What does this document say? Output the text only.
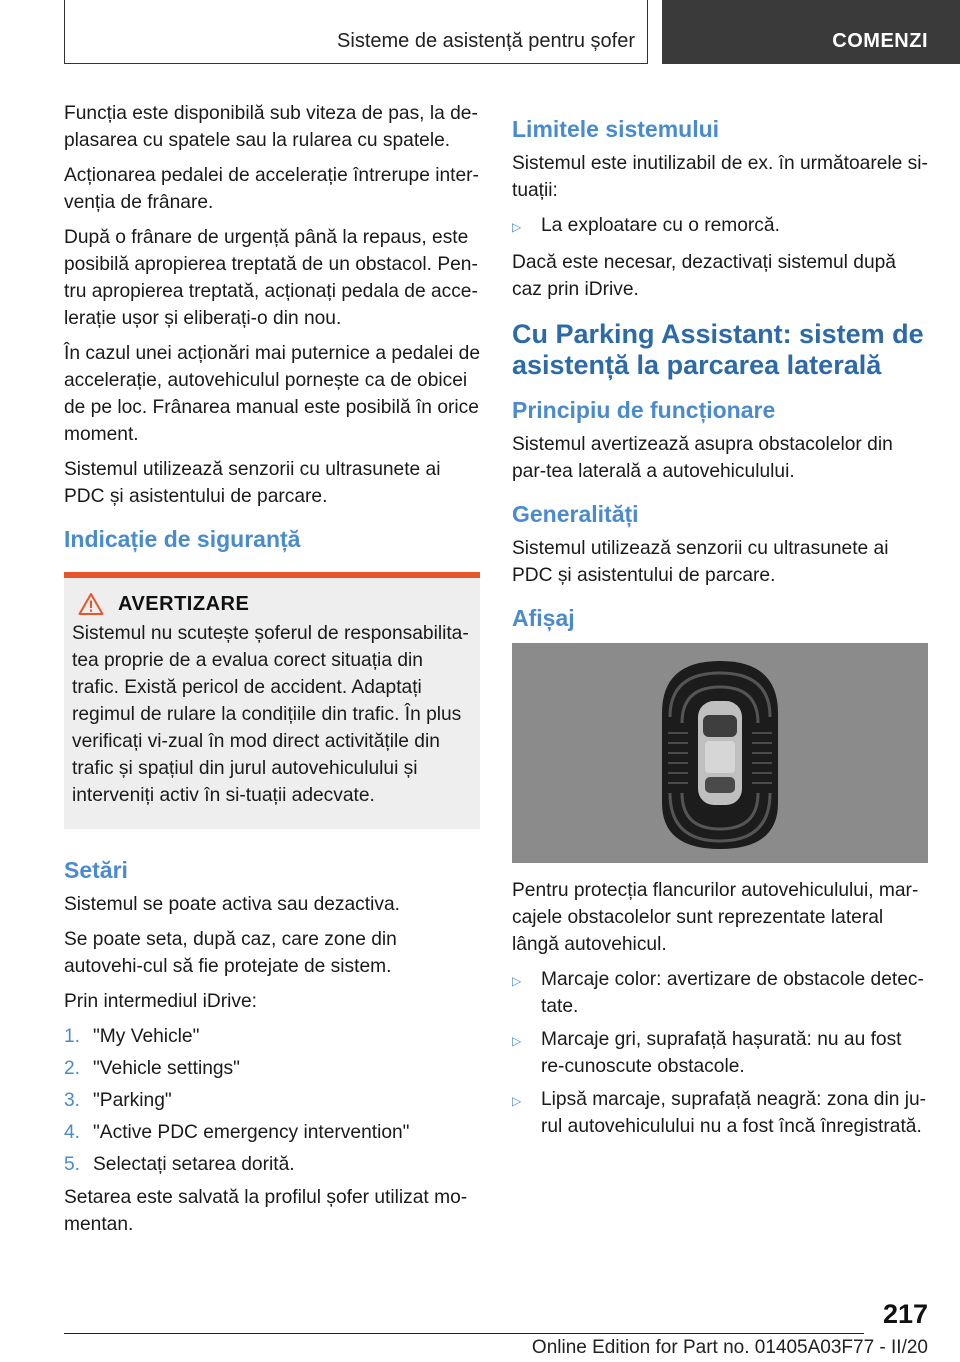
Sisteme de asistență pentru șofer	COMENZI

Funcția este disponibilă sub viteza de pas, la de‐plasarea cu spatele sau la rularea cu spatele.

Acționarea pedalei de accelerație întrerupe inter‐venția de frânare.

După o frânare de urgență până la repaus, este posibilă apropierea treptată de un obstacol. Pen‐tru apropierea treptată, acționați pedala de acce‐lerație ușor și eliberați-o din nou.

În cazul unei acționări mai puternice a pedalei de accelerație, autovehiculul pornește ca de obicei de pe loc. Frânarea manual este posibilă în orice moment.

Sistemul utilizează senzorii cu ultrasunete ai PDC și asistentului de parcare.

Indicație de siguranță
AVERTIZARE

Sistemul nu scutește șoferul de responsabilita‐tea proprie de a evalua corect situația din trafic. Există pericol de accident. Adaptați regimul de rulare la condițiile din trafic. În plus verificați vi‐zual în mod direct activitățile din trafic și spațiul din jurul autovehiculului și interveniți activ în si‐tuații adecvate.

Setări

Sistemul se poate activa sau dezactiva.

Se poate seta, după caz, care zone din autovehi‐cul să fie protejate de sistem.

Prin intermediul iDrive:

1. "My Vehicle"
2. "Vehicle settings"
3. "Parking"
4. "Active PDC emergency intervention"
5. Selectați setarea dorită.

Setarea este salvată la profilul șofer utilizat mo‐mentan.

Limitele sistemului

Sistemul este inutilizabil de ex. în următoarele si‐tuații:

▷	La exploatare cu o remorcă.

Dacă este necesar, dezactivați sistemul după caz prin iDrive.

Cu Parking Assistant: sistem de asistență la parcarea laterală
Principiu de funcționare

Sistemul avertizează asupra obstacolelor din par‐tea laterală a autovehiculului.

Generalități

Sistemul utilizează senzorii cu ultrasunete ai PDC și asistentului de parcare.

Afișaj

Pentru protecția flancurilor autovehiculului, mar‐cajele obstacolelor sunt reprezentate lateral lângă autovehicul.

▷	Marcaje color: avertizare de obstacole detec‐tate.
▷	Marcaje gri, suprafață hașurată: nu au fost re‐cunoscute obstacole.
▷	Lipsă marcaje, suprafață neagră: zona din ju‐rul autovehiculului nu a fost încă înregistrată.
217
Online Edition for Part no. 01405A03F77 - II/20
